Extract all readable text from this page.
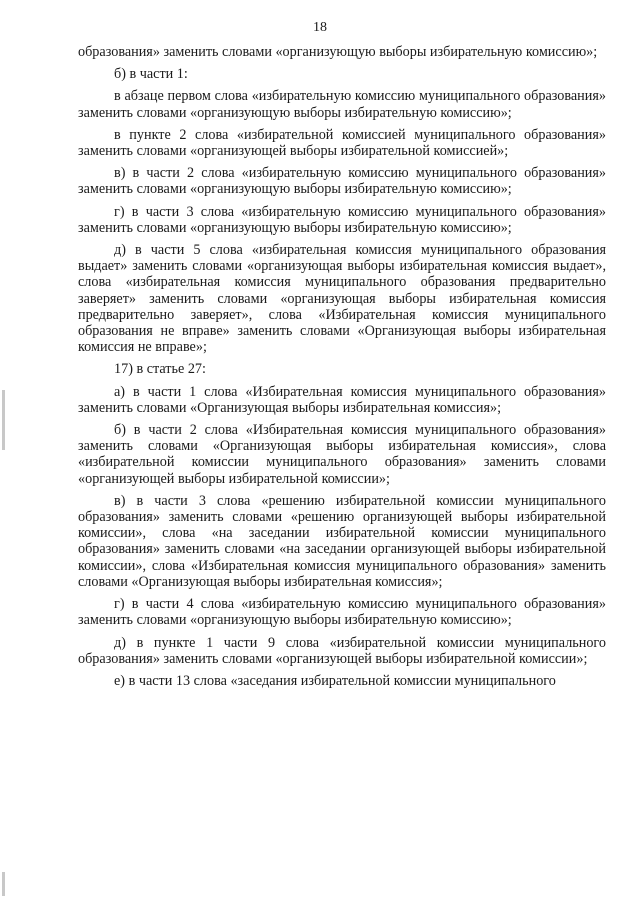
18

образования» заменить словами «организующую выборы избирательную комиссию»;

б) в части 1:

в абзаце первом слова «избирательную комиссию муниципального образования» заменить словами «организующую выборы избирательную комиссию»;

в пункте 2 слова «избирательной комиссией муниципального образования» заменить словами «организующей выборы избирательной комиссией»;

в) в части 2 слова «избирательную комиссию муниципального образования» заменить словами «организующую выборы избирательную комиссию»;

г) в части 3 слова «избирательную комиссию муниципального образования» заменить словами «организующую выборы избирательную комиссию»;

д) в части 5 слова «избирательная комиссия муниципального образования выдает» заменить словами «организующая выборы избирательная комиссия выдает», слова «избирательная комиссия муниципального образования предварительно заверяет» заменить словами «организующая выборы избирательная комиссия предварительно заверяет», слова «Избирательная комиссия муниципального образования не вправе» заменить словами «Организующая выборы избирательная комиссия не вправе»;

17) в статье 27:

а) в части 1 слова «Избирательная комиссия муниципального образования» заменить словами «Организующая выборы избирательная комиссия»;

б) в части 2 слова «Избирательная комиссия муниципального образования» заменить словами «Организующая выборы избирательная комиссия», слова «избирательной комиссии муниципального образования» заменить словами «организующей выборы избирательной комиссии»;

в) в части 3 слова «решению избирательной комиссии муниципального образования» заменить словами «решению организующей выборы избирательной комиссии», слова «на заседании избирательной комиссии муниципального образования» заменить словами «на заседании организующей выборы избирательной комиссии», слова «Избирательная комиссия муниципального образования» заменить словами «Организующая выборы избирательная комиссия»;

г) в части 4 слова «избирательную комиссию муниципального образования» заменить словами «организующую выборы избирательную комиссию»;

д) в пункте 1 части 9 слова «избирательной комиссии муниципального образования» заменить словами «организующей выборы избирательной комиссии»;

е) в части 13 слова «заседания избирательной комиссии муниципального
